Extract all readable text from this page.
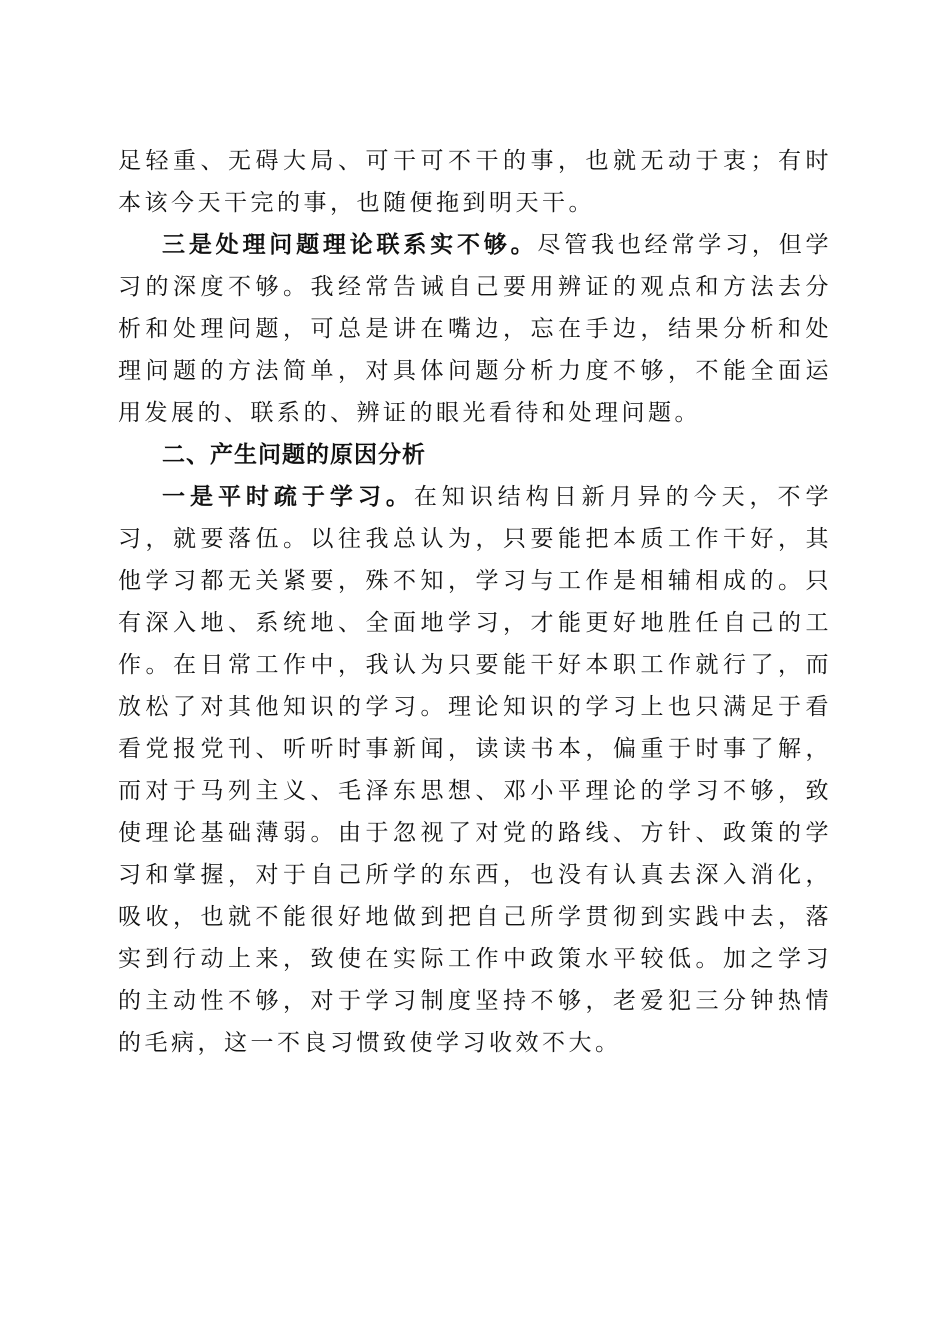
足轻重、无碍大局、可干可不干的事，也就无动于衷；有时本该今天干完的事，也随便拖到明天干。

三是处理问题理论联系实不够。尽管我也经常学习，但学习的深度不够。我经常告诫自己要用辨证的观点和方法去分析和处理问题，可总是讲在嘴边，忘在手边，结果分析和处理问题的方法简单，对具体问题分析力度不够，不能全面运用发展的、联系的、辨证的眼光看待和处理问题。

二、产生问题的原因分析

一是平时疏于学习。在知识结构日新月异的今天，不学习，就要落伍。以往我总认为，只要能把本质工作干好，其他学习都无关紧要，殊不知，学习与工作是相辅相成的。只有深入地、系统地、全面地学习，才能更好地胜任自己的工作。在日常工作中，我认为只要能干好本职工作就行了，而放松了对其他知识的学习。理论知识的学习上也只满足于看看党报党刊、听听时事新闻，读读书本，偏重于时事了解，而对于马列主义、毛泽东思想、邓小平理论的学习不够，致使理论基础薄弱。由于忽视了对党的路线、方针、政策的学习和掌握，对于自己所学的东西，也没有认真去深入消化，吸收，也就不能很好地做到把自己所学贯彻到实践中去，落实到行动上来，致使在实际工作中政策水平较低。加之学习的主动性不够，对于学习制度坚持不够，老爱犯三分钟热情的毛病，这一不良习惯致使学习收效不大。
